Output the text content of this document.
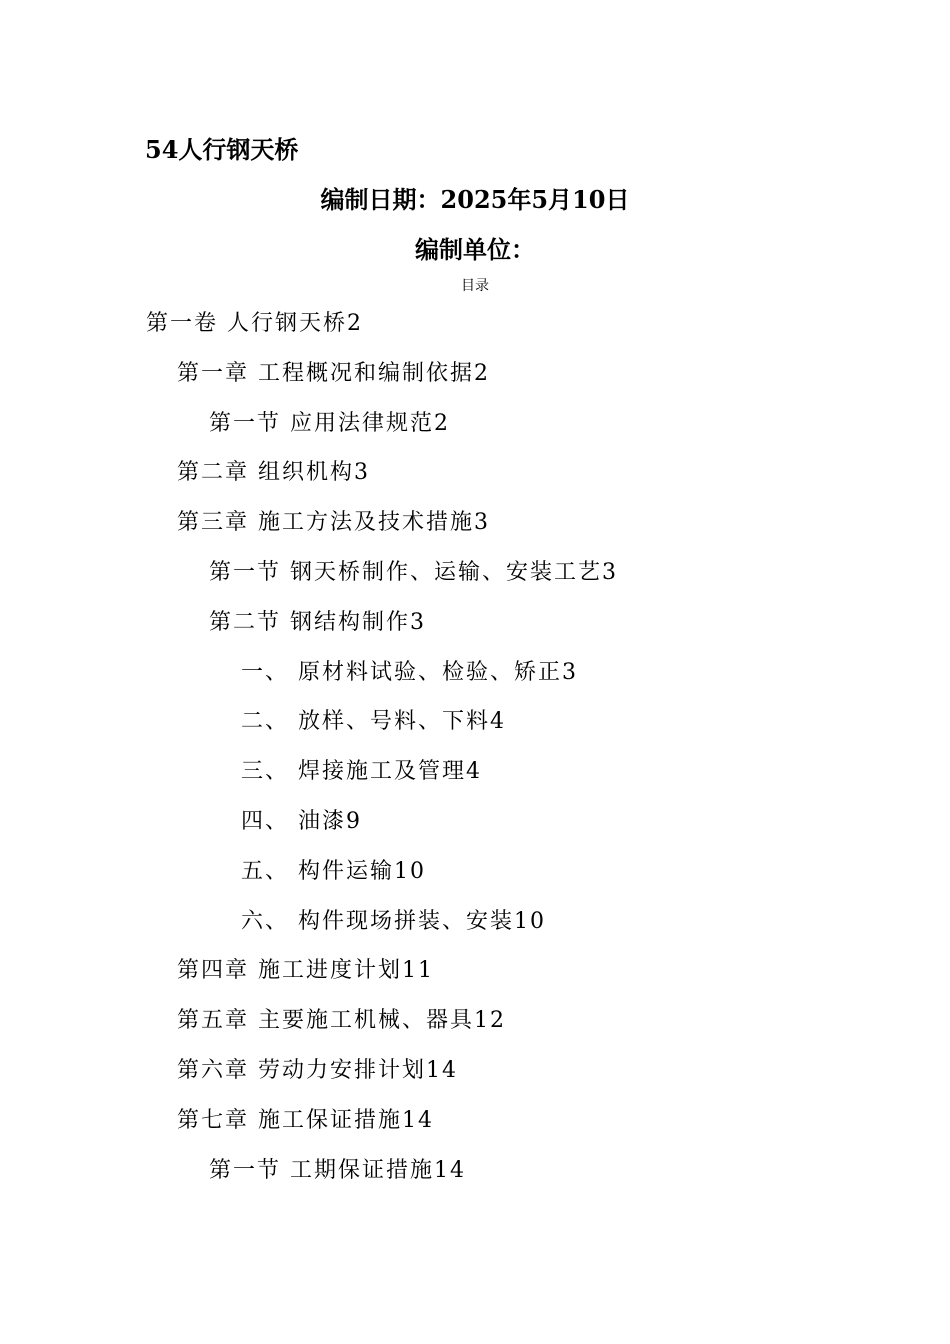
54人行钢天桥
编制日期：2025年5月10日
编制单位：
目录
第一卷 人行钢天桥2
第一章 工程概况和编制依据2
第一节 应用法律规范2
第二章 组织机构3
第三章 施工方法及技术措施3
第一节 钢天桥制作、运输、安装工艺3
第二节 钢结构制作3
一、 原材料试验、检验、矫正3
二、 放样、号料、下料4
三、 焊接施工及管理4
四、 油漆9
五、 构件运输10
六、 构件现场拼装、安装10
第四章 施工进度计划11
第五章 主要施工机械、器具12
第六章 劳动力安排计划14
第七章 施工保证措施14
第一节 工期保证措施14
